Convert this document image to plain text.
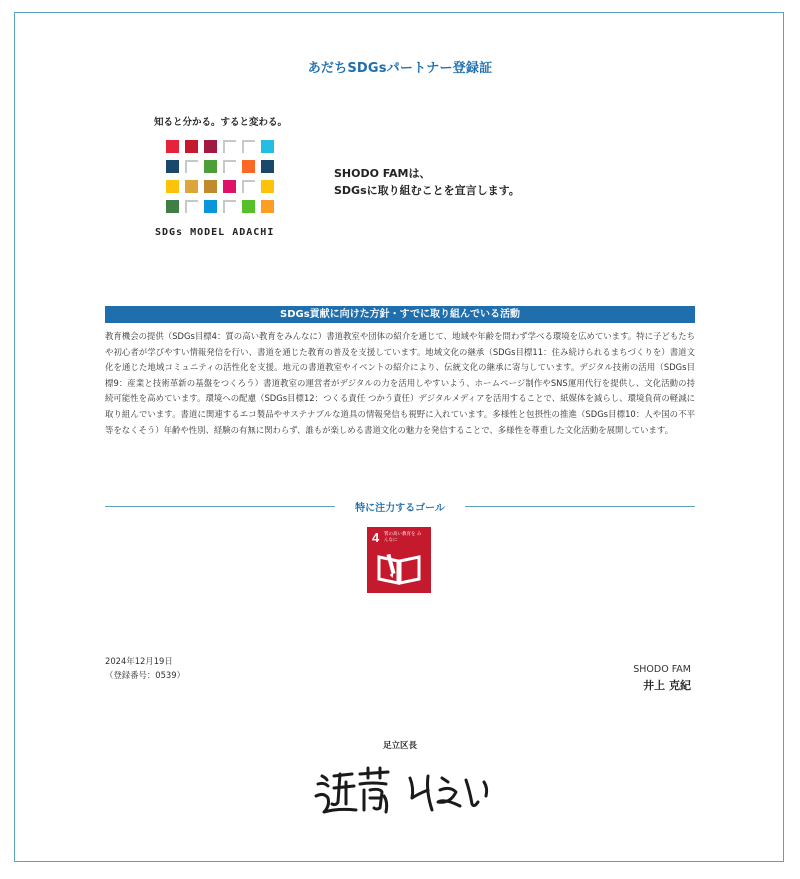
あだちSDGsパートナー登録証
知ると分かる。すると変わる。
SDGs MODEL ADACHI
SHODO FAMは、
SDGsに取り組むことを宣言します。
SDGs貢献に向けた方針・すでに取り組んでいる活動
教育機会の提供（SDGs目標4：質の高い教育をみんなに）書道教室や団体の紹介を通じて、地域や年齢を問わず学べる環境を広めています。特に子どもたちや初心者が学びやすい情報発信を行い、書道を通じた教育の普及を支援しています。地域文化の継承（SDGs目標11：住み続けられるまちづくりを）書道文化を通じた地域コミュニティの活性化を支援。地元の書道教室やイベントの紹介により、伝統文化の継承に寄与しています。デジタル技術の活用（SDGs目標9：産業と技術革新の基盤をつくろう）書道教室の運営者がデジタルの力を活用しやすいよう、ホームページ制作やSNS運用代行を提供し、文化活動の持続可能性を高めています。環境への配慮（SDGs目標12：つくる責任 つかう責任）デジタルメディアを活用することで、紙媒体を減らし、環境負荷の軽減に取り組んでいます。書道に関連するエコ製品やサステナブルな道具の情報発信も視野に入れています。多様性と包摂性の推進（SDGs目標10：人や国の不平等をなくそう）年齢や性別、経験の有無に関わらず、誰もが楽しめる書道文化の魅力を発信することで、多様性を尊重した文化活動を展開しています。
特に注力するゴール
4 質の高い教育を みんなに
2024年12月19日
（登録番号：0539）	SHODO FAM
井上 克紀
足立区長
